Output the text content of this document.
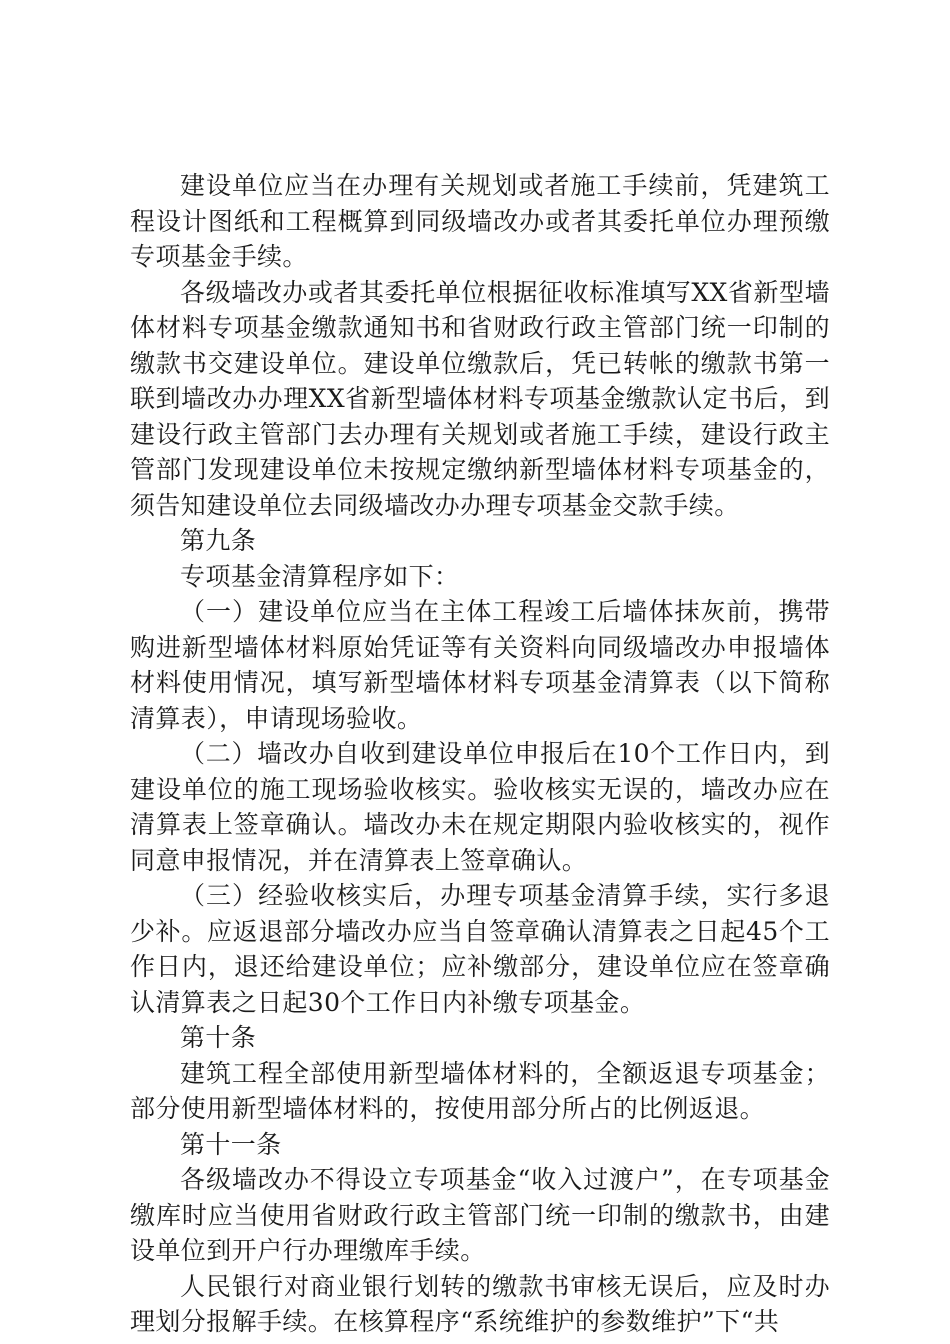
建设单位应当在办理有关规划或者施工手续前，凭建筑工程设计图纸和工程概算到同级墙改办或者其委托单位办理预缴专项基金手续。

各级墙改办或者其委托单位根据征收标准填写XX省新型墙体材料专项基金缴款通知书和省财政行政主管部门统一印制的缴款书交建设单位。建设单位缴款后，凭已转帐的缴款书第一联到墙改办办理XX省新型墙体材料专项基金缴款认定书后，到建设行政主管部门去办理有关规划或者施工手续，建设行政主管部门发现建设单位未按规定缴纳新型墙体材料专项基金的，须告知建设单位去同级墙改办办理专项基金交款手续。

第九条

专项基金清算程序如下：

（一）建设单位应当在主体工程竣工后墙体抹灰前，携带购进新型墙体材料原始凭证等有关资料向同级墙改办申报墙体材料使用情况，填写新型墙体材料专项基金清算表（以下简称清算表），申请现场验收。

（二）墙改办自收到建设单位申报后在10个工作日内，到建设单位的施工现场验收核实。验收核实无误的，墙改办应在清算表上签章确认。墙改办未在规定期限内验收核实的，视作同意申报情况，并在清算表上签章确认。

（三）经验收核实后，办理专项基金清算手续，实行多退少补。应返退部分墙改办应当自签章确认清算表之日起45个工作日内，退还给建设单位；应补缴部分，建设单位应在签章确认清算表之日起30个工作日内补缴专项基金。

第十条

建筑工程全部使用新型墙体材料的，全额返退专项基金；部分使用新型墙体材料的，按使用部分所占的比例返退。

第十一条

各级墙改办不得设立专项基金“收入过渡户”，在专项基金缴库时应当使用省财政行政主管部门统一印制的缴款书，由建设单位到开户行办理缴库手续。

人民银行对商业银行划转的缴款书审核无误后，应及时办理划分报解手续。在核算程序“系统维护的参数维护”下“共
